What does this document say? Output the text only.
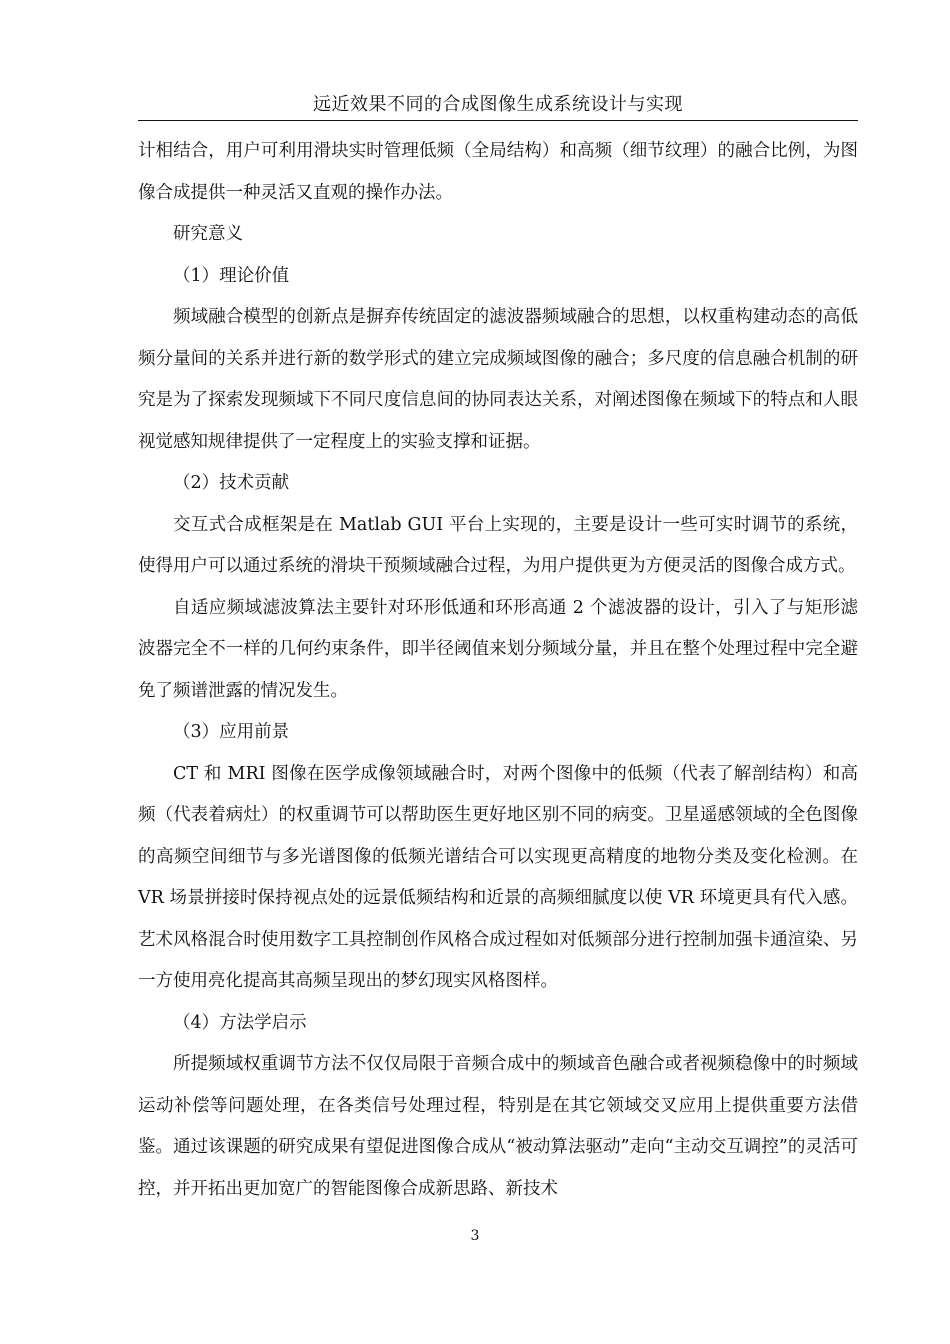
远近效果不同的合成图像生成系统设计与实现

计相结合，用户可利用滑块实时管理低频（全局结构）和高频（细节纹理）的融合比例，为图像合成提供一种灵活又直观的操作办法。

研究意义

（1）理论价值

频域融合模型的创新点是摒弃传统固定的滤波器频域融合的思想，以权重构建动态的高低频分量间的关系并进行新的数学形式的建立完成频域图像的融合；多尺度的信息融合机制的研究是为了探索发现频域下不同尺度信息间的协同表达关系，对阐述图像在频域下的特点和人眼视觉感知规律提供了一定程度上的实验支撑和证据。

（2）技术贡献

交互式合成框架是在 Matlab GUI 平台上实现的，主要是设计一些可实时调节的系统，使得用户可以通过系统的滑块干预频域融合过程，为用户提供更为方便灵活的图像合成方式。

自适应频域滤波算法主要针对环形低通和环形高通 2 个滤波器的设计，引入了与矩形滤波器完全不一样的几何约束条件，即半径阈值来划分频域分量，并且在整个处理过程中完全避免了频谱泄露的情况发生。

（3）应用前景

CT 和 MRI 图像在医学成像领域融合时，对两个图像中的低频（代表了解剖结构）和高频（代表着病灶）的权重调节可以帮助医生更好地区别不同的病变。卫星遥感领域的全色图像的高频空间细节与多光谱图像的低频光谱结合可以实现更高精度的地物分类及变化检测。在 VR 场景拼接时保持视点处的远景低频结构和近景的高频细腻度以使 VR 环境更具有代入感。艺术风格混合时使用数字工具控制创作风格合成过程如对低频部分进行控制加强卡通渲染、另一方使用亮化提高其高频呈现出的梦幻现实风格图样。

（4）方法学启示

所提频域权重调节方法不仅仅局限于音频合成中的频域音色融合或者视频稳像中的时频域运动补偿等问题处理，在各类信号处理过程，特别是在其它领域交叉应用上提供重要方法借鉴。通过该课题的研究成果有望促进图像合成从“被动算法驱动”走向“主动交互调控”的灵活可控，并开拓出更加宽广的智能图像合成新思路、新技术

3
